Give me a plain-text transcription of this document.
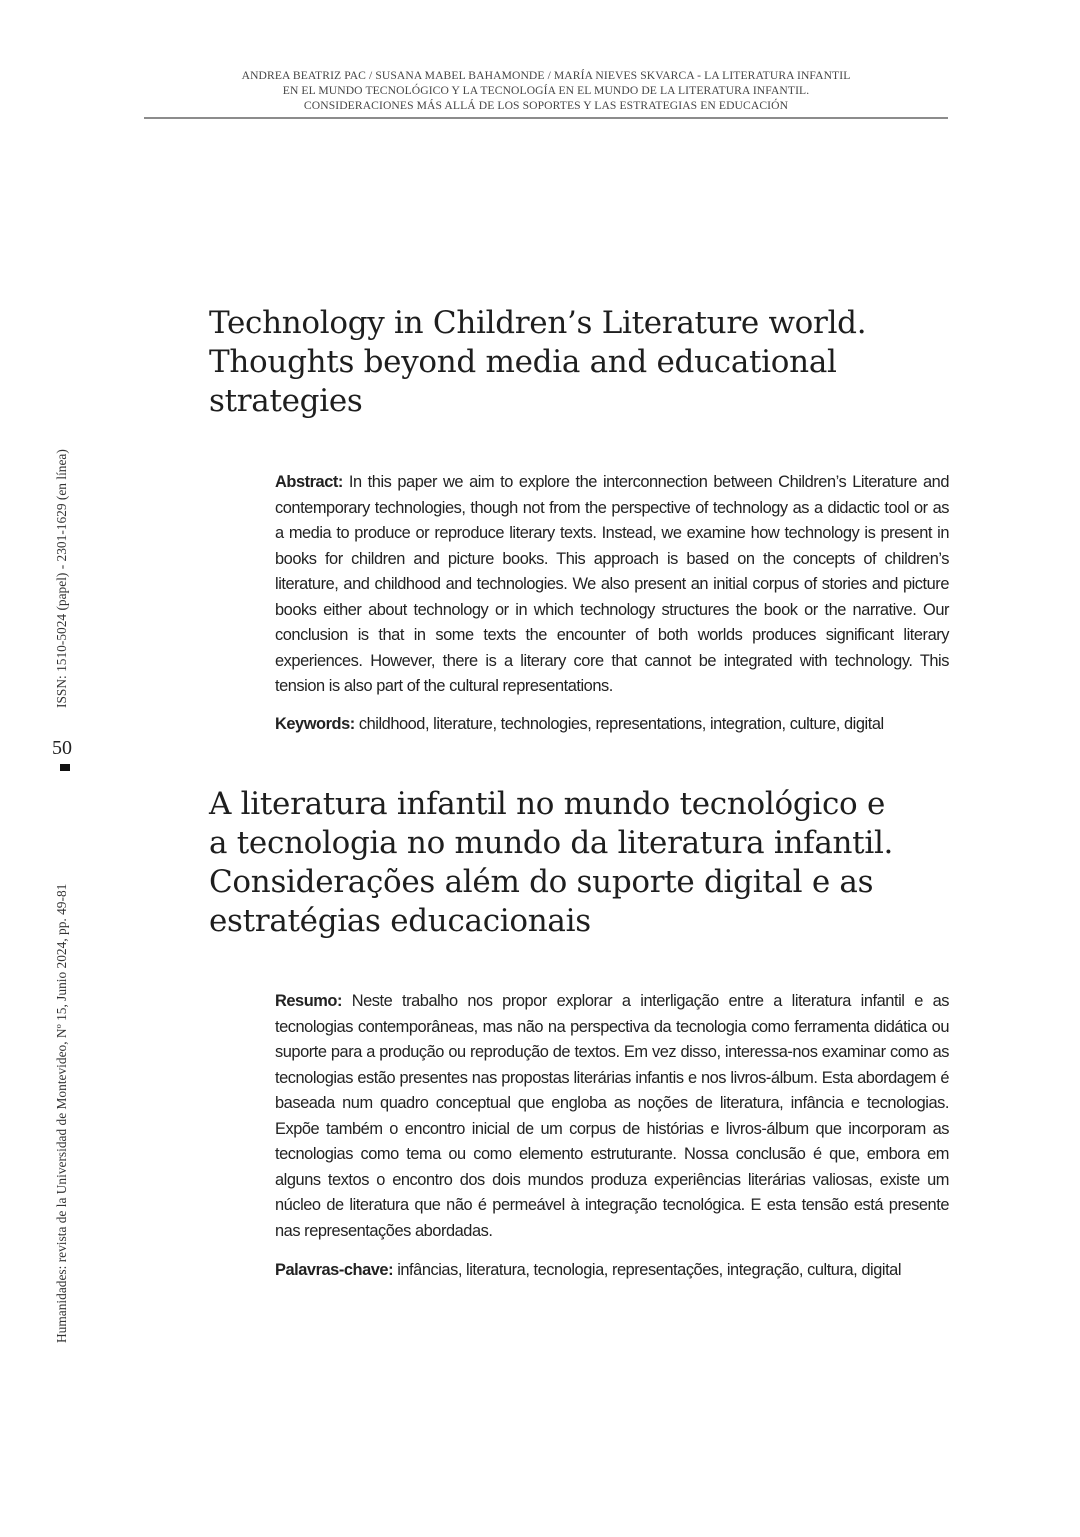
ANDREA BEATRIZ PAC / SUSANA MABEL BAHAMONDE / MARÍA NIEVES SKVARCA - LA LITERATURA INFANTIL
EN EL MUNDO TECNOLÓGICO Y LA TECNOLOGÍA EN EL MUNDO DE LA LITERATURA INFANTIL.
CONSIDERACIONES MÁS ALLÁ DE LOS SOPORTES Y LAS ESTRATEGIAS EN EDUCACIÓN
ISSN: 1510-5024 (papel) - 2301-1629 (en línea)
50
Humanidades: revista de la Universidad de Montevideo, Nº 15, Junio 2024, pp. 49-81
Technology in Children’s Literature world.
Thoughts beyond media and educational
strategies

Abstract: In this paper we aim to explore the interconnection between Children’s Literature and contemporary technologies, though not from the perspective of technology as a didactic tool or as a media to produce or reproduce literary texts. Instead, we examine how technology is present in books for children and picture books. This approach is based on the concepts of children’s literature, and childhood and technologies. We also present an initial corpus of stories and picture books either about technology or in which technology structures the book or the narrative. Our conclusion is that in some texts the encounter of both worlds produces significant literary experiences. However, there is a literary core that cannot be integrated with technology. This tension is also part of the cultural representations.

Keywords: childhood, literature, technologies, representations, integration, culture, digital

A literatura infantil no mundo tecnológico e
a tecnologia no mundo da literatura infantil.
Considerações além do suporte digital e as
estratégias educacionais

Resumo: Neste trabalho nos propor explorar a interligação entre a literatura infantil e as tecnologias contemporâneas, mas não na perspectiva da tecnologia como ferramenta didática ou suporte para a produção ou reprodução de textos. Em vez disso, interessa-nos examinar como as tecnologias estão presentes nas propostas literárias infantis e nos livros-álbum. Esta abordagem é baseada num quadro conceptual que engloba as noções de literatura, infância e tecnologias. Expõe também o encontro inicial de um corpus de histórias e livros-álbum que incorporam as tecnologias como tema ou como elemento estruturante. Nossa conclusão é que, embora em alguns textos o encontro dos dois mundos produza experiências literárias valiosas, existe um núcleo de literatura que não é permeável à integração tecnológica. E esta tensão está presente nas representações abordadas.

Palavras-chave: infâncias, literatura, tecnologia, representações, integração, cultura, digital
